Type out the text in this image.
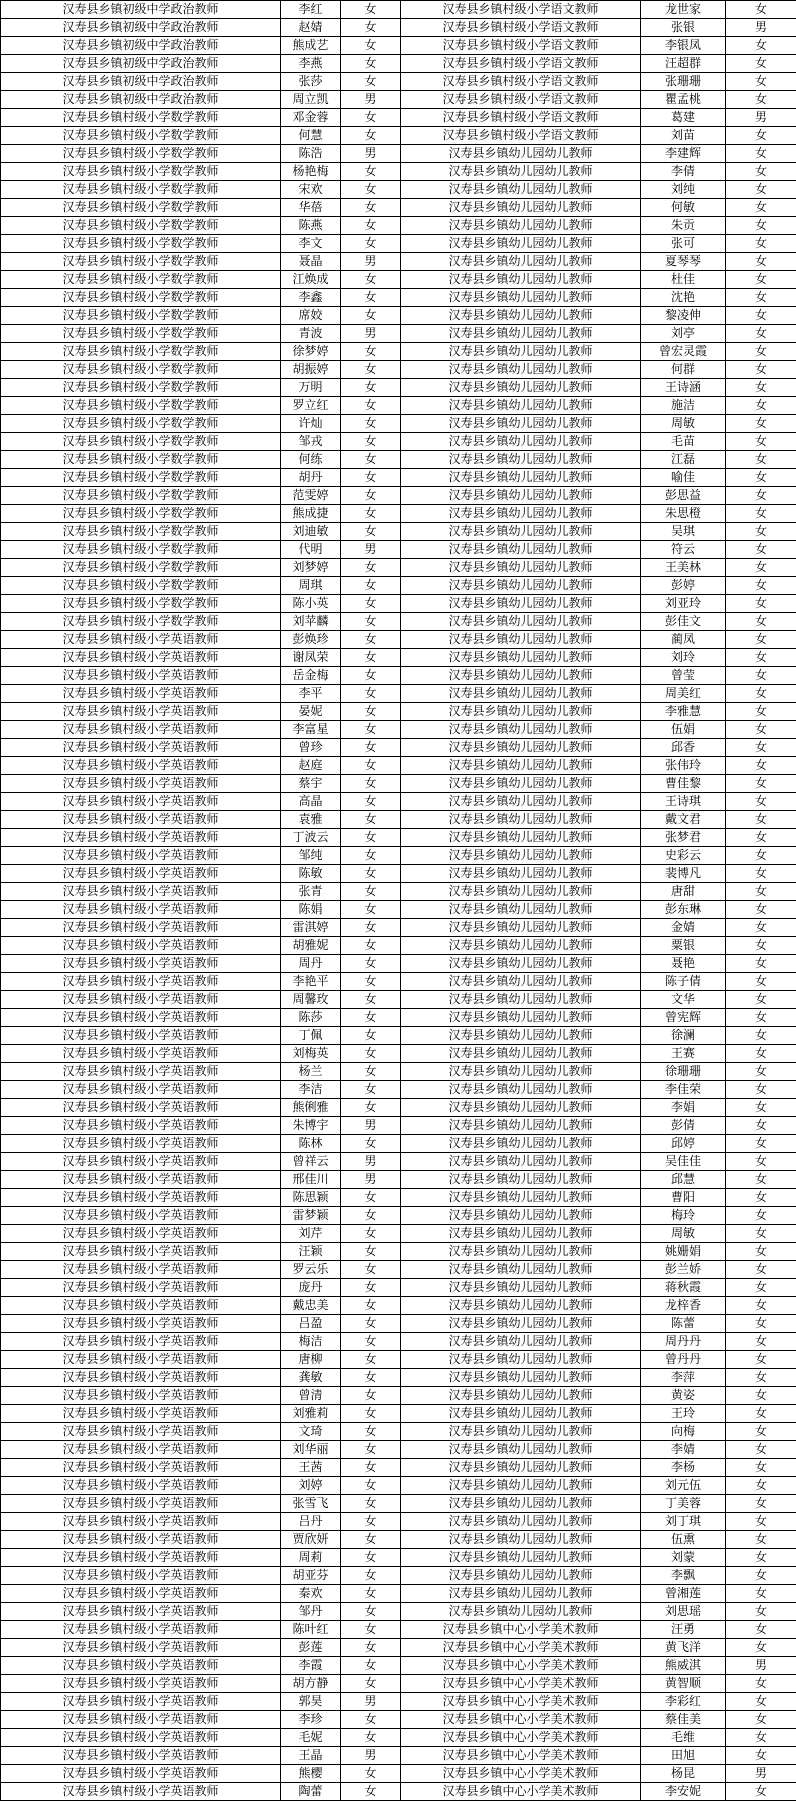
汉寿县乡镇初级中学政治教师	李红	女	汉寿县乡镇村级小学语文教师	龙世家	女
汉寿县乡镇初级中学政治教师	赵婧	女	汉寿县乡镇村级小学语文教师	张银	男
汉寿县乡镇初级中学政治教师	熊成艺	女	汉寿县乡镇村级小学语文教师	李银凤	女
汉寿县乡镇初级中学政治教师	李燕	女	汉寿县乡镇村级小学语文教师	汪超群	女
汉寿县乡镇初级中学政治教师	张莎	女	汉寿县乡镇村级小学语文教师	张珊珊	女
汉寿县乡镇初级中学政治教师	周立凯	男	汉寿县乡镇村级小学语文教师	瞿孟桃	女
汉寿县乡镇村级小学数学教师	邓金蓉	女	汉寿县乡镇村级小学语文教师	葛建	男
汉寿县乡镇村级小学数学教师	何慧	女	汉寿县乡镇村级小学语文教师	刘苗	女
汉寿县乡镇村级小学数学教师	陈浩	男	汉寿县乡镇幼儿园幼儿教师	李建辉	女
汉寿县乡镇村级小学数学教师	杨艳梅	女	汉寿县乡镇幼儿园幼儿教师	李倩	女
汉寿县乡镇村级小学数学教师	宋欢	女	汉寿县乡镇幼儿园幼儿教师	刘纯	女
汉寿县乡镇村级小学数学教师	华蓓	女	汉寿县乡镇幼儿园幼儿教师	何敏	女
汉寿县乡镇村级小学数学教师	陈燕	女	汉寿县乡镇幼儿园幼儿教师	朱贡	女
汉寿县乡镇村级小学数学教师	李文	女	汉寿县乡镇幼儿园幼儿教师	张可	女
汉寿县乡镇村级小学数学教师	聂晶	男	汉寿县乡镇幼儿园幼儿教师	夏琴琴	女
汉寿县乡镇村级小学数学教师	江焕成	女	汉寿县乡镇幼儿园幼儿教师	杜佳	女
汉寿县乡镇村级小学数学教师	李鑫	女	汉寿县乡镇幼儿园幼儿教师	沈艳	女
汉寿县乡镇村级小学数学教师	席姣	女	汉寿县乡镇幼儿园幼儿教师	黎凌伸	女
汉寿县乡镇村级小学数学教师	青波	男	汉寿县乡镇幼儿园幼儿教师	刘亭	女
汉寿县乡镇村级小学数学教师	徐梦婷	女	汉寿县乡镇幼儿园幼儿教师	曾宏灵霞	女
汉寿县乡镇村级小学数学教师	胡振婷	女	汉寿县乡镇幼儿园幼儿教师	何群	女
汉寿县乡镇村级小学数学教师	万明	女	汉寿县乡镇幼儿园幼儿教师	王诗涵	女
汉寿县乡镇村级小学数学教师	罗立红	女	汉寿县乡镇幼儿园幼儿教师	施洁	女
汉寿县乡镇村级小学数学教师	许灿	女	汉寿县乡镇幼儿园幼儿教师	周敏	女
汉寿县乡镇村级小学数学教师	邹戎	女	汉寿县乡镇幼儿园幼儿教师	毛苗	女
汉寿县乡镇村级小学数学教师	何练	女	汉寿县乡镇幼儿园幼儿教师	江磊	女
汉寿县乡镇村级小学数学教师	胡丹	女	汉寿县乡镇幼儿园幼儿教师	喻佳	女
汉寿县乡镇村级小学数学教师	范雯婷	女	汉寿县乡镇幼儿园幼儿教师	彭思益	女
汉寿县乡镇村级小学数学教师	熊成捷	女	汉寿县乡镇幼儿园幼儿教师	朱思橙	女
汉寿县乡镇村级小学数学教师	刘迪敏	女	汉寿县乡镇幼儿园幼儿教师	吴琪	女
汉寿县乡镇村级小学数学教师	代明	男	汉寿县乡镇幼儿园幼儿教师	符云	女
汉寿县乡镇村级小学数学教师	刘梦婷	女	汉寿县乡镇幼儿园幼儿教师	王美林	女
汉寿县乡镇村级小学数学教师	周琪	女	汉寿县乡镇幼儿园幼儿教师	彭婷	女
汉寿县乡镇村级小学数学教师	陈小英	女	汉寿县乡镇幼儿园幼儿教师	刘亚玲	女
汉寿县乡镇村级小学数学教师	刘苹麟	女	汉寿县乡镇幼儿园幼儿教师	彭佳文	女
汉寿县乡镇村级小学英语教师	彭焕珍	女	汉寿县乡镇幼儿园幼儿教师	蔺凤	女
汉寿县乡镇村级小学英语教师	谢凤荣	女	汉寿县乡镇幼儿园幼儿教师	刘玲	女
汉寿县乡镇村级小学英语教师	岳金梅	女	汉寿县乡镇幼儿园幼儿教师	曾莹	女
汉寿县乡镇村级小学英语教师	李平	女	汉寿县乡镇幼儿园幼儿教师	周美红	女
汉寿县乡镇村级小学英语教师	晏妮	女	汉寿县乡镇幼儿园幼儿教师	李雅慧	女
汉寿县乡镇村级小学英语教师	李富星	女	汉寿县乡镇幼儿园幼儿教师	伍娟	女
汉寿县乡镇村级小学英语教师	曾珍	女	汉寿县乡镇幼儿园幼儿教师	邱香	女
汉寿县乡镇村级小学英语教师	赵庭	女	汉寿县乡镇幼儿园幼儿教师	张伟玲	女
汉寿县乡镇村级小学英语教师	蔡宇	女	汉寿县乡镇幼儿园幼儿教师	曹佳黎	女
汉寿县乡镇村级小学英语教师	高晶	女	汉寿县乡镇幼儿园幼儿教师	王诗琪	女
汉寿县乡镇村级小学英语教师	袁雅	女	汉寿县乡镇幼儿园幼儿教师	戴文君	女
汉寿县乡镇村级小学英语教师	丁波云	女	汉寿县乡镇幼儿园幼儿教师	张梦君	女
汉寿县乡镇村级小学英语教师	邹纯	女	汉寿县乡镇幼儿园幼儿教师	史彩云	女
汉寿县乡镇村级小学英语教师	陈敏	女	汉寿县乡镇幼儿园幼儿教师	裴博凡	女
汉寿县乡镇村级小学英语教师	张青	女	汉寿县乡镇幼儿园幼儿教师	唐甜	女
汉寿县乡镇村级小学英语教师	陈娟	女	汉寿县乡镇幼儿园幼儿教师	彭东琳	女
汉寿县乡镇村级小学英语教师	雷淇婷	女	汉寿县乡镇幼儿园幼儿教师	金婧	女
汉寿县乡镇村级小学英语教师	胡雅妮	女	汉寿县乡镇幼儿园幼儿教师	粟银	女
汉寿县乡镇村级小学英语教师	周丹	女	汉寿县乡镇幼儿园幼儿教师	聂艳	女
汉寿县乡镇村级小学英语教师	李艳平	女	汉寿县乡镇幼儿园幼儿教师	陈子倩	女
汉寿县乡镇村级小学英语教师	周馨玫	女	汉寿县乡镇幼儿园幼儿教师	文华	女
汉寿县乡镇村级小学英语教师	陈莎	女	汉寿县乡镇幼儿园幼儿教师	曾宪辉	女
汉寿县乡镇村级小学英语教师	丁佩	女	汉寿县乡镇幼儿园幼儿教师	徐澜	女
汉寿县乡镇村级小学英语教师	刘梅英	女	汉寿县乡镇幼儿园幼儿教师	王赛	女
汉寿县乡镇村级小学英语教师	杨兰	女	汉寿县乡镇幼儿园幼儿教师	徐珊珊	女
汉寿县乡镇村级小学英语教师	李洁	女	汉寿县乡镇幼儿园幼儿教师	李佳荣	女
汉寿县乡镇村级小学英语教师	熊俐雅	女	汉寿县乡镇幼儿园幼儿教师	李娟	女
汉寿县乡镇村级小学英语教师	朱博宇	男	汉寿县乡镇幼儿园幼儿教师	彭倩	女
汉寿县乡镇村级小学英语教师	陈林	女	汉寿县乡镇幼儿园幼儿教师	邱婷	女
汉寿县乡镇村级小学英语教师	曾祥云	男	汉寿县乡镇幼儿园幼儿教师	吴佳佳	女
汉寿县乡镇村级小学英语教师	邢佳川	男	汉寿县乡镇幼儿园幼儿教师	邱慧	女
汉寿县乡镇村级小学英语教师	陈思颖	女	汉寿县乡镇幼儿园幼儿教师	曹阳	女
汉寿县乡镇村级小学英语教师	雷梦颖	女	汉寿县乡镇幼儿园幼儿教师	梅玲	女
汉寿县乡镇村级小学英语教师	刘芹	女	汉寿县乡镇幼儿园幼儿教师	周敏	女
汉寿县乡镇村级小学英语教师	汪颖	女	汉寿县乡镇幼儿园幼儿教师	姚姗娟	女
汉寿县乡镇村级小学英语教师	罗云乐	女	汉寿县乡镇幼儿园幼儿教师	彭兰娇	女
汉寿县乡镇村级小学英语教师	庞丹	女	汉寿县乡镇幼儿园幼儿教师	蒋秋霞	女
汉寿县乡镇村级小学英语教师	戴忠美	女	汉寿县乡镇幼儿园幼儿教师	龙梓香	女
汉寿县乡镇村级小学英语教师	吕盈	女	汉寿县乡镇幼儿园幼儿教师	陈蕾	女
汉寿县乡镇村级小学英语教师	梅洁	女	汉寿县乡镇幼儿园幼儿教师	周丹丹	女
汉寿县乡镇村级小学英语教师	唐柳	女	汉寿县乡镇幼儿园幼儿教师	曾丹丹	女
汉寿县乡镇村级小学英语教师	龚敏	女	汉寿县乡镇幼儿园幼儿教师	李萍	女
汉寿县乡镇村级小学英语教师	曾清	女	汉寿县乡镇幼儿园幼儿教师	黄姿	女
汉寿县乡镇村级小学英语教师	刘雅莉	女	汉寿县乡镇幼儿园幼儿教师	王玲	女
汉寿县乡镇村级小学英语教师	文琦	女	汉寿县乡镇幼儿园幼儿教师	向梅	女
汉寿县乡镇村级小学英语教师	刘华丽	女	汉寿县乡镇幼儿园幼儿教师	李婧	女
汉寿县乡镇村级小学英语教师	王茜	女	汉寿县乡镇幼儿园幼儿教师	李杨	女
汉寿县乡镇村级小学英语教师	刘婷	女	汉寿县乡镇幼儿园幼儿教师	刘元伍	女
汉寿县乡镇村级小学英语教师	张雪飞	女	汉寿县乡镇幼儿园幼儿教师	丁美蓉	女
汉寿县乡镇村级小学英语教师	吕丹	女	汉寿县乡镇幼儿园幼儿教师	刘丁琪	女
汉寿县乡镇村级小学英语教师	贾欣妍	女	汉寿县乡镇幼儿园幼儿教师	伍熏	女
汉寿县乡镇村级小学英语教师	周莉	女	汉寿县乡镇幼儿园幼儿教师	刘蒙	女
汉寿县乡镇村级小学英语教师	胡亚芬	女	汉寿县乡镇幼儿园幼儿教师	李飘	女
汉寿县乡镇村级小学英语教师	秦欢	女	汉寿县乡镇幼儿园幼儿教师	曾湘莲	女
汉寿县乡镇村级小学英语教师	邹丹	女	汉寿县乡镇幼儿园幼儿教师	刘思瑶	女
汉寿县乡镇村级小学英语教师	陈叶红	女	汉寿县乡镇中心小学美术教师	汪勇	女
汉寿县乡镇村级小学英语教师	彭莲	女	汉寿县乡镇中心小学美术教师	黄飞洋	女
汉寿县乡镇村级小学英语教师	李霞	女	汉寿县乡镇中心小学美术教师	熊威淇	男
汉寿县乡镇村级小学英语教师	胡方静	女	汉寿县乡镇中心小学美术教师	黄智顺	女
汉寿县乡镇村级小学英语教师	郭昊	男	汉寿县乡镇中心小学美术教师	李彩红	女
汉寿县乡镇村级小学英语教师	李珍	女	汉寿县乡镇中心小学美术教师	蔡佳美	女
汉寿县乡镇村级小学英语教师	毛妮	女	汉寿县乡镇中心小学美术教师	毛维	女
汉寿县乡镇村级小学英语教师	王晶	男	汉寿县乡镇中心小学美术教师	田旭	女
汉寿县乡镇村级小学英语教师	熊樱	女	汉寿县乡镇中心小学美术教师	杨昆	男
汉寿县乡镇村级小学英语教师	陶蕾	女	汉寿县乡镇中心小学美术教师	李安妮	女
